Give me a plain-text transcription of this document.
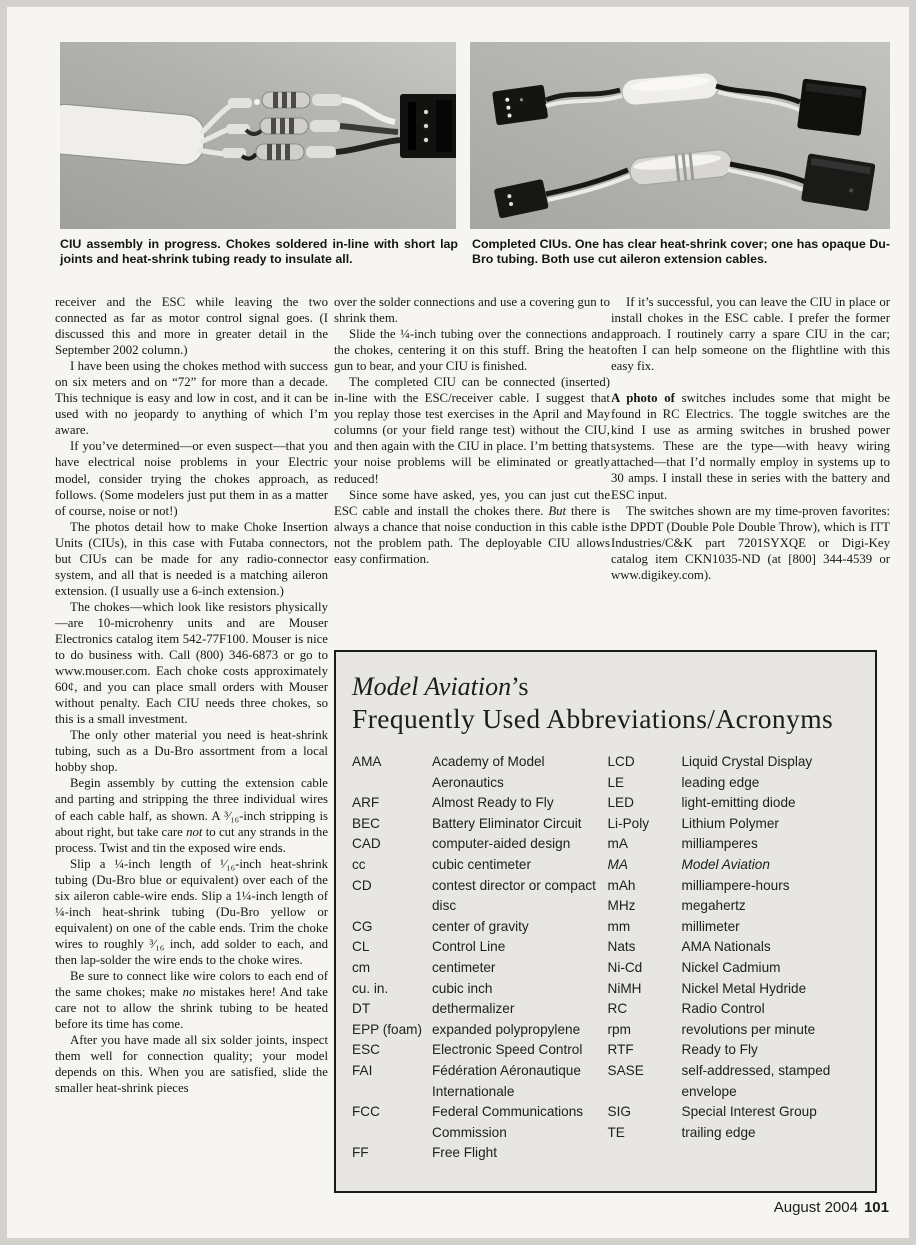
CIU assembly in progress. Chokes soldered in-line with short lap joints and heat-shrink tubing ready to insulate all.
Completed CIUs. One has clear heat-shrink cover; one has opaque Du-Bro tubing. Both use cut aileron extension cables.

receiver and the ESC while leaving the two connected as far as motor control signal goes. (I discussed this and more in greater detail in the September 2002 column.)

I have been using the chokes method with success on six meters and on “72” for more than a decade. This technique is easy and low in cost, and it can be used with no jeopardy to anything of which I’m aware.

If you’ve determined—or even suspect—that you have electrical noise problems in your Electric model, consider trying the chokes approach, as follows. (Some modelers just put them in as a matter of course, noise or not!)

The photos detail how to make Choke Insertion Units (CIUs), in this case with Futaba connectors, but CIUs can be made for any radio-connector system, and all that is needed is a matching aileron extension. (I usually use a 6-inch extension.)

The chokes—which look like resistors physically—are 10-microhenry units and are Mouser Electronics catalog item 542-77F100. Mouser is nice to do business with. Call (800) 346-6873 or go to www.mouser.com. Each choke costs approximately 60¢, and you can place small orders with Mouser without penalty. Each CIU needs three chokes, so this is a small investment.

The only other material you need is heat-shrink tubing, such as a Du-Bro assortment from a local hobby shop.

Begin assembly by cutting the extension cable and parting and stripping the three individual wires of each cable half, as shown. A ³⁄₁₆-inch stripping is about right, but take care not to cut any strands in the process. Twist and tin the exposed wire ends.

Slip a ¼-inch length of ¹⁄₁₆-inch heat-shrink tubing (Du-Bro blue or equivalent) over each of the six aileron cable-wire ends. Slip a 1¼-inch length of ¼-inch heat-shrink tubing (Du-Bro yellow or equivalent) on one of the cable ends. Trim the choke wires to roughly ³⁄₁₆ inch, add solder to each, and then lap-solder the wire ends to the choke wires.

Be sure to connect like wire colors to each end of the same chokes; make no mistakes here! And take care not to allow the shrink tubing to be heated before its time has come.

After you have made all six solder joints, inspect them well for connection quality; your model depends on this. When you are satisfied, slide the smaller heat-shrink pieces

over the solder connections and use a covering gun to shrink them.

Slide the ¼-inch tubing over the connections and the chokes, centering it on this stuff. Bring the heat gun to bear, and your CIU is finished.

The completed CIU can be connected (inserted) in-line with the ESC/receiver cable. I suggest that you replay those test exercises in the April and May columns (or your field range test) without the CIU, and then again with the CIU in place. I’m betting that your noise problems will be eliminated or greatly reduced!

Since some have asked, yes, you can just cut the ESC cable and install the chokes there. But there is always a chance that noise conduction in this cable is not the problem path. The deployable CIU allows easy confirmation.

If it’s successful, you can leave the CIU in place or install chokes in the ESC cable. I prefer the former approach. I routinely carry a spare CIU in the car; often I can help someone on the flightline with this easy fix.

A photo of switches includes some that might be found in RC Electrics. The toggle switches are the kind I use as arming switches in brushed power systems. These are the type—with heavy wiring attached—that I’d normally employ in systems up to 30 amps. I install these in series with the battery and ESC input.

The switches shown are my time-proven favorites: the DPDT (Double Pole Double Throw), which is ITT Industries/C&K part 7201SYXQE or Digi-Key catalog item CKN1035-ND (at [800] 344-4539 or www.digikey.com).

Model Aviation’s
Frequently Used Abbreviations/Acronyms
AMA	Academy of Model Aeronautics
ARF	Almost Ready to Fly
BEC	Battery Eliminator Circuit
CAD	computer-aided design
cc	cubic centimeter
CD	contest director or compact disc
CG	center of gravity
CL	Control Line
cm	centimeter
cu. in.	cubic inch
DT	dethermalizer
EPP (foam) expanded polypropylene
ESC	Electronic Speed Control
FAI	Fédération Aéronautique Internationale
FCC	Federal Communications Commission
FF	Free Flight
LCD	Liquid Crystal Display
LE	leading edge
LED	light-emitting diode
Li-Poly	Lithium Polymer
mA	milliamperes
MA	Model Aviation
mAh	milliampere-hours
MHz	megahertz
mm	millimeter
Nats	AMA Nationals
Ni-Cd	Nickel Cadmium
NiMH	Nickel Metal Hydride
RC	Radio Control
rpm	revolutions per minute
RTF	Ready to Fly
SASE	self-addressed, stamped envelope
SIG	Special Interest Group
TE	trailing edge
August 2004 101
